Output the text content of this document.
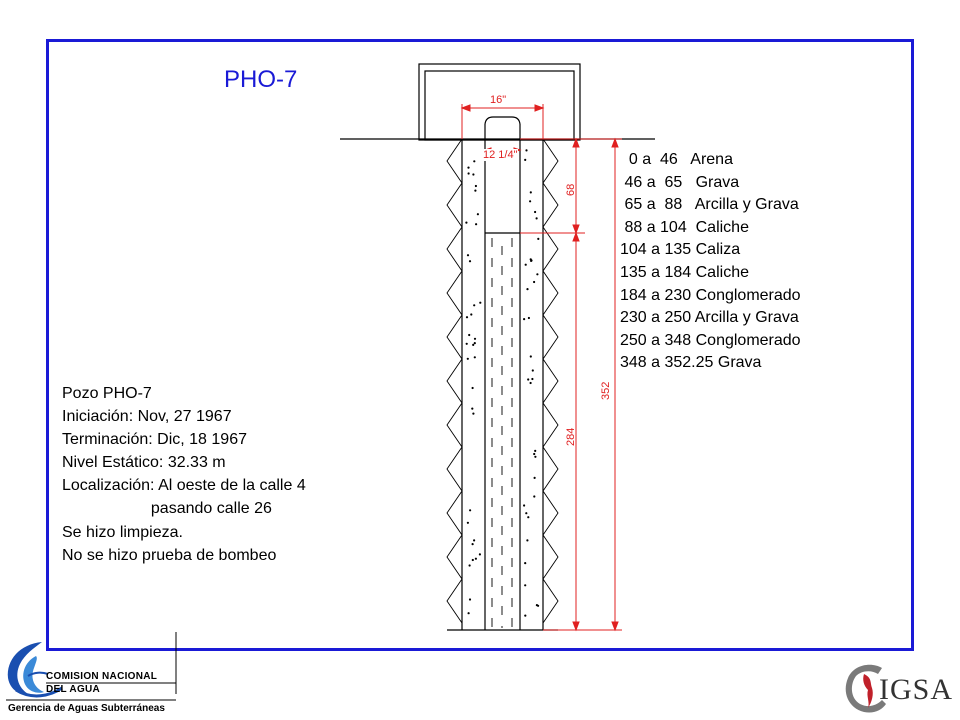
PHO-7
16"
12 1/4"
68
284
352
0 a  46   Arena
46 a  65   Grava
65 a  88   Arcilla y Grava
88 a 104  Caliche
104 a 135 Caliza
135 a 184 Caliche
184 a 230 Conglomerado
230 a 250 Arcilla y Grava
250 a 348 Conglomerado
348 a 352.25 Grava
Pozo PHO-7
Iniciación: Nov, 27 1967
Terminación: Dic, 18 1967
Nivel Estático: 32.33 m
Localización: Al oeste de la calle 4
pasando calle 26
Se hizo limpieza.
No se hizo prueba de bombeo
COMISION NACIONAL
DEL AGUA
Gerencia de Aguas Subterráneas
IGSA
